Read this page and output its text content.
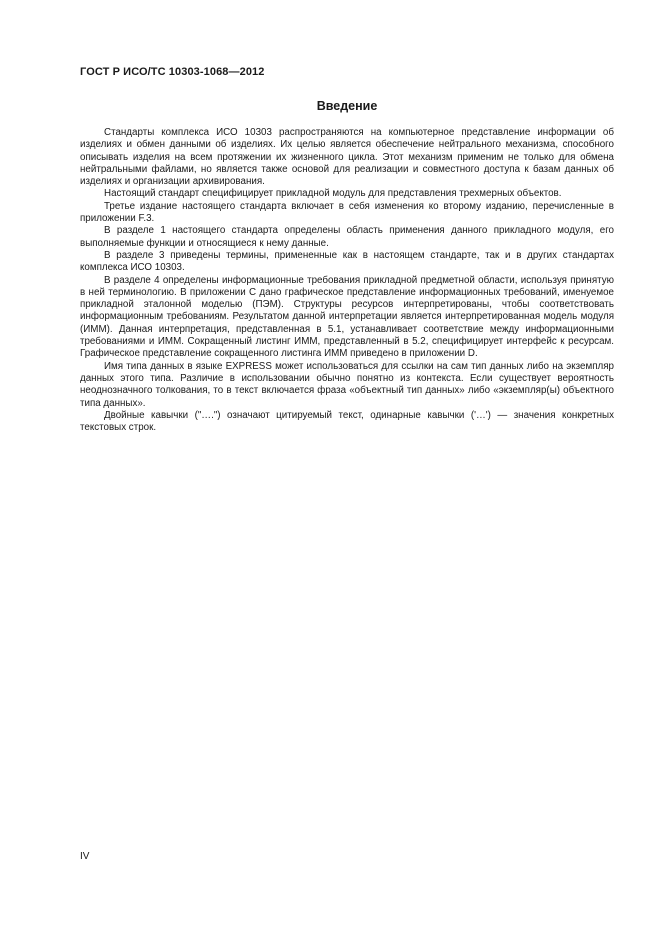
ГОСТ Р ИСО/ТС 10303-1068—2012
Введение

Стандарты комплекса ИСО 10303 распространяются на компьютерное представление информации об изделиях и обмен данными об изделиях. Их целью является обеспечение нейтрального механизма, способного описывать изделия на всем протяжении их жизненного цикла. Этот механизм применим не только для обмена нейтральными файлами, но является также основой для реализации и совместного доступа к базам данных об изделиях и организации архивирования.

Настоящий стандарт специфицирует прикладной модуль для представления трехмерных объектов.

Третье издание настоящего стандарта включает в себя изменения ко второму изданию, перечисленные в приложении F.3.

В разделе 1 настоящего стандарта определены область применения данного прикладного модуля, его выполняемые функции и относящиеся к нему данные.

В разделе 3 приведены термины, примененные как в настоящем стандарте, так и в других стандартах комплекса ИСО 10303.

В разделе 4 определены информационные требования прикладной предметной области, используя принятую в ней терминологию. В приложении С дано графическое представление информационных требований, именуемое прикладной эталонной моделью (ПЭМ). Структуры ресурсов интерпретированы, чтобы соответствовать информационным требованиям. Результатом данной интерпретации является интерпретированная модель модуля (ИММ). Данная интерпретация, представленная в 5.1, устанавливает соответствие между информационными требованиями и ИММ. Сокращенный листинг ИММ, представленный в 5.2, специфицирует интерфейс к ресурсам. Графическое представление сокращенного листинга ИММ приведено в приложении D.

Имя типа данных в языке EXPRESS может использоваться для ссылки на сам тип данных либо на экземпляр данных этого типа. Различие в использовании обычно понятно из контекста. Если существует вероятность неоднозначного толкования, то в текст включается фраза «объектный тип данных» либо «экземпляр(ы) объектного типа данных».

Двойные кавычки ("….") означают цитируемый текст, одинарные кавычки ('…') — значения конкретных текстовых строк.

IV
